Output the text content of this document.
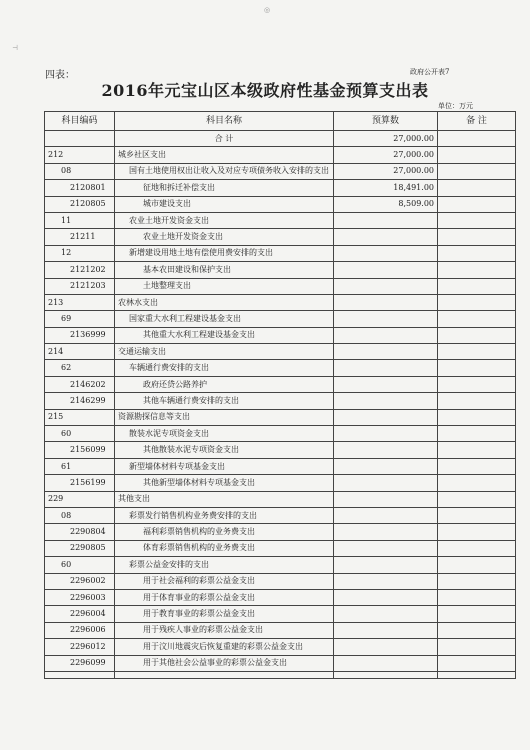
◎
⊣
四表：	政府公开表7
2016年元宝山区本级政府性基金预算支出表
单位：万元
科目编码	科目名称	预算数	备 注
	合 计	27,000.00	
212	城乡社区支出	27,000.00	
08	国有土地使用权出让收入及对应专项债务收入安排的支出	27,000.00	
2120801	征地和拆迁补偿支出	18,491.00	
2120805	城市建设支出	8,509.00	
11	农业土地开发资金支出		
21211	农业土地开发资金支出		
12	新增建设用地土地有偿使用费安排的支出		
2121202	基本农田建设和保护支出		
2121203	土地整理支出		
213	农林水支出		
69	国家重大水利工程建设基金支出		
2136999	其他重大水利工程建设基金支出		
214	交通运输支出		
62	车辆通行费安排的支出		
2146202	政府还贷公路养护		
2146299	其他车辆通行费安排的支出		
215	资源勘探信息等支出		
60	散装水泥专项资金支出		
2156099	其他散装水泥专项资金支出		
61	新型墙体材料专项基金支出		
2156199	其他新型墙体材料专项基金支出		
229	其他支出		
08	彩票发行销售机构业务费安排的支出		
2290804	福利彩票销售机构的业务费支出		
2290805	体育彩票销售机构的业务费支出		
60	彩票公益金安排的支出		
2296002	用于社会福利的彩票公益金支出		
2296003	用于体育事业的彩票公益金支出		
2296004	用于教育事业的彩票公益金支出		
2296006	用于残疾人事业的彩票公益金支出		
2296012	用于汶川地震灾后恢复重建的彩票公益金支出		
2296099	用于其他社会公益事业的彩票公益金支出		
